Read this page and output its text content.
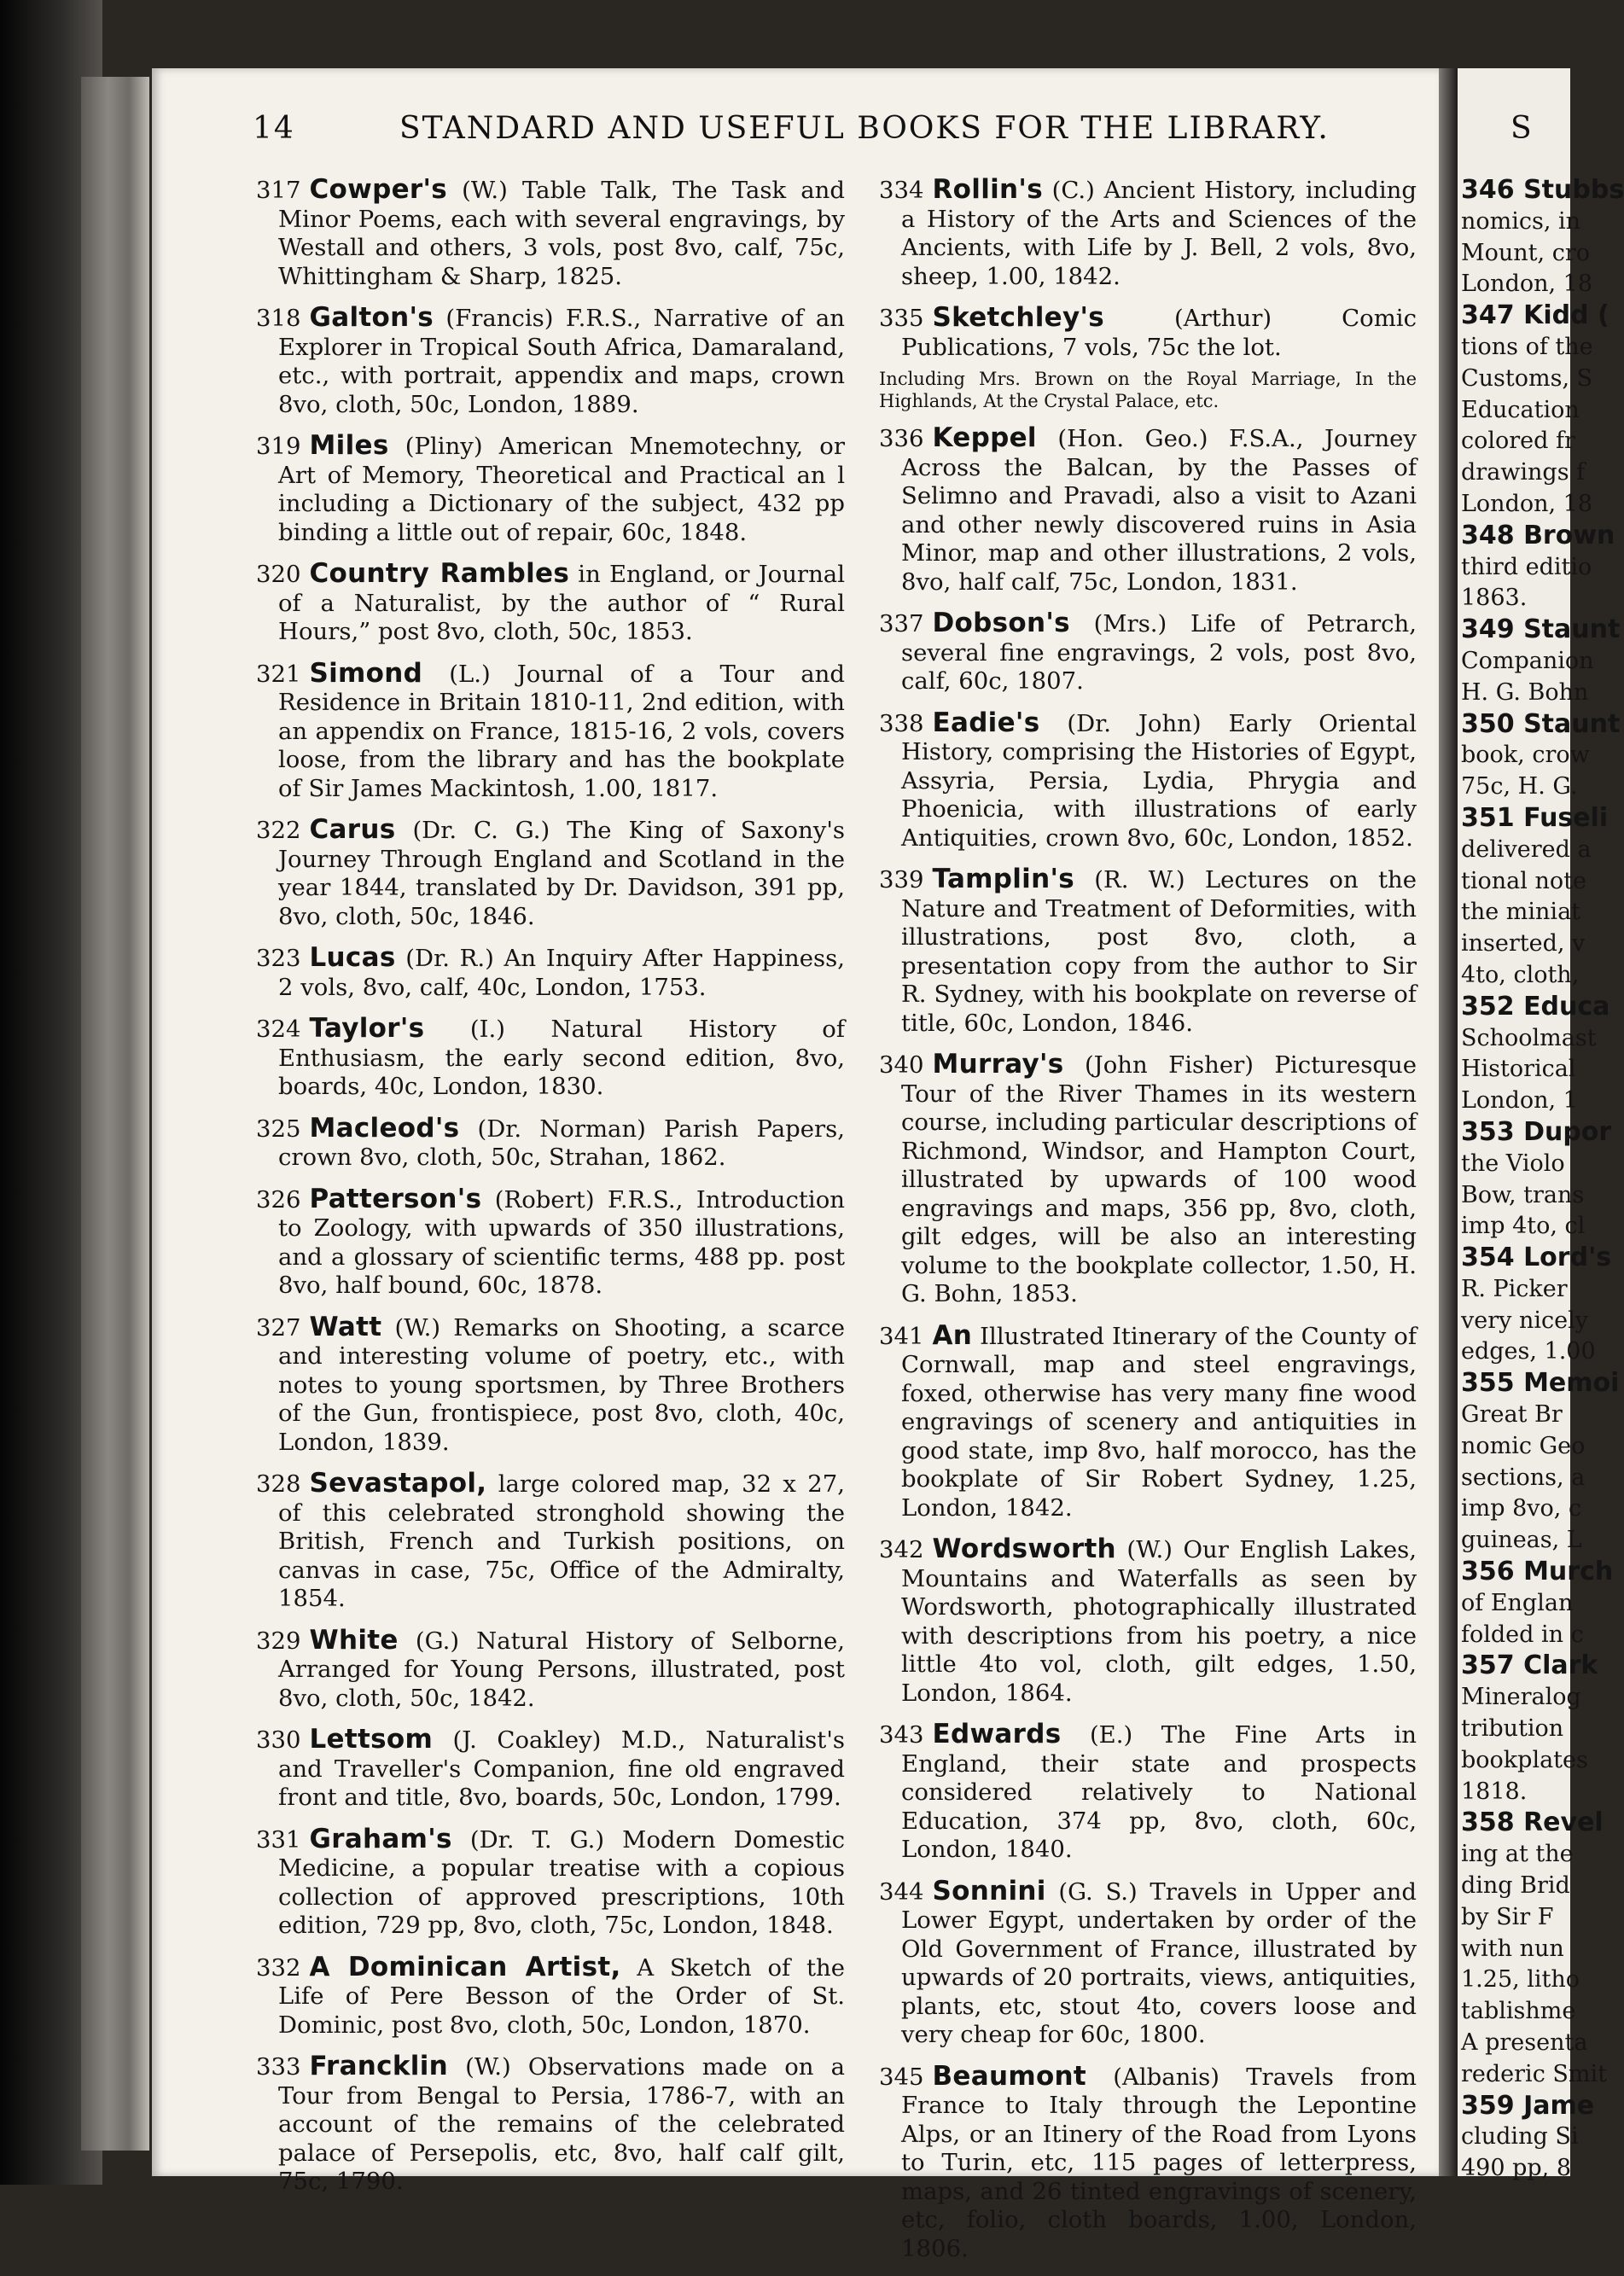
14	STANDARD AND USEFUL BOOKS FOR THE LIBRARY.
317 Cowper's (W.) Table Talk, The Task and Minor Poems, each with several engravings, by Westall and others, 3 vols, post 8vo, calf, 75c, Whittingham & Sharp, 1825.
318 Galton's (Francis) F.R.S., Narrative of an Explorer in Tropical South Africa, Damaraland, etc., with portrait, appendix and maps, crown 8vo, cloth, 50c, London, 1889.
319 Miles (Pliny) American Mnemotechny, or Art of Memory, Theoretical and Practical an l including a Dictionary of the subject, 432 pp binding a little out of repair, 60c, 1848.
320 Country Rambles in England, or Journal of a Naturalist, by the author of “ Rural Hours,” post 8vo, cloth, 50c, 1853.
321 Simond (L.) Journal of a Tour and Residence in Britain 1810-11, 2nd edition, with an appendix on France, 1815-16, 2 vols, covers loose, from the library and has the bookplate of Sir James Mackintosh, 1.00, 1817.
322 Carus (Dr. C. G.) The King of Saxony's Journey Through England and Scotland in the year 1844, translated by Dr. Davidson, 391 pp, 8vo, cloth, 50c, 1846.
323 Lucas (Dr. R.) An Inquiry After Happiness, 2 vols, 8vo, calf, 40c, London, 1753.
324 Taylor's (I.) Natural History of Enthusiasm, the early second edition, 8vo, boards, 40c, London, 1830.
325 Macleod's (Dr. Norman) Parish Papers, crown 8vo, cloth, 50c, Strahan, 1862.
326 Patterson's (Robert) F.R.S., Introduction to Zoology, with upwards of 350 illustrations, and a glossary of scientific terms, 488 pp. post 8vo, half bound, 60c, 1878.
327 Watt (W.) Remarks on Shooting, a scarce and interesting volume of poetry, etc., with notes to young sportsmen, by Three Brothers of the Gun, frontispiece, post 8vo, cloth, 40c, London, 1839.
328 Sevastapol, large colored map, 32 x 27, of this celebrated stronghold showing the British, French and Turkish positions, on canvas in case, 75c, Office of the Admiralty, 1854.
329 White (G.) Natural History of Selborne, Arranged for Young Persons, illustrated, post 8vo, cloth, 50c, 1842.
330 Lettsom (J. Coakley) M.D., Naturalist's and Traveller's Companion, fine old engraved front and title, 8vo, boards, 50c, London, 1799.
331 Graham's (Dr. T. G.) Modern Domestic Medicine, a popular treatise with a copious collection of approved prescriptions, 10th edition, 729 pp, 8vo, cloth, 75c, London, 1848.
332 A Dominican Artist, A Sketch of the Life of Pere Besson of the Order of St. Dominic, post 8vo, cloth, 50c, London, 1870.
333 Francklin (W.) Observations made on a Tour from Bengal to Persia, 1786-7, with an account of the remains of the celebrated palace of Persepolis, etc, 8vo, half calf gilt, 75c, 1790.
334 Rollin's (C.) Ancient History, including a History of the Arts and Sciences of the Ancients, with Life by J. Bell, 2 vols, 8vo, sheep, 1.00, 1842.
335 Sketchley's (Arthur) Comic Publications, 7 vols, 75c the lot.
Including Mrs. Brown on the Royal Marriage, In the Highlands, At the Crystal Palace, etc.
336 Keppel (Hon. Geo.) F.S.A., Journey Across the Balcan, by the Passes of Selimno and Pravadi, also a visit to Azani and other newly discovered ruins in Asia Minor, map and other illustrations, 2 vols, 8vo, half calf, 75c, London, 1831.
337 Dobson's (Mrs.) Life of Petrarch, several fine engravings, 2 vols, post 8vo, calf, 60c, 1807.
338 Eadie's (Dr. John) Early Oriental History, comprising the Histories of Egypt, Assyria, Persia, Lydia, Phrygia and Phoenicia, with illustrations of early Antiquities, crown 8vo, 60c, London, 1852.
339 Tamplin's (R. W.) Lectures on the Nature and Treatment of Deformities, with illustrations, post 8vo, cloth, a presentation copy from the author to Sir R. Sydney, with his bookplate on reverse of title, 60c, London, 1846.
340 Murray's (John Fisher) Picturesque Tour of the River Thames in its western course, including particular descriptions of Richmond, Windsor, and Hampton Court, illustrated by upwards of 100 wood engravings and maps, 356 pp, 8vo, cloth, gilt edges, will be also an interesting volume to the bookplate collector, 1.50, H. G. Bohn, 1853.
341 An Illustrated Itinerary of the County of Cornwall, map and steel engravings, foxed, otherwise has very many fine wood engravings of scenery and antiquities in good state, imp 8vo, half morocco, has the bookplate of Sir Robert Sydney, 1.25, London, 1842.
342 Wordsworth (W.) Our English Lakes, Mountains and Waterfalls as seen by Wordsworth, photographically illustrated with descriptions from his poetry, a nice little 4to vol, cloth, gilt edges, 1.50, London, 1864.
343 Edwards (E.) The Fine Arts in England, their state and prospects considered relatively to National Education, 374 pp, 8vo, cloth, 60c, London, 1840.
344 Sonnini (G. S.) Travels in Upper and Lower Egypt, undertaken by order of the Old Government of France, illustrated by upwards of 20 portraits, views, antiquities, plants, etc, stout 4to, covers loose and very cheap for 60c, 1800.
345 Beaumont (Albanis) Travels from France to Italy through the Lepontine Alps, or an Itinery of the Road from Lyons to Turin, etc, 115 pages of letterpress, maps, and 26 tinted engravings of scenery, etc, folio, cloth boards, 1.00, London, 1806.
S
346 Stubbs
nomics, in
Mount, cro
London, 18
347 Kidd (
tions of the
Customs, S
Education
colored fr
drawings f
London, 18
348 Brown
third editio
1863.
349 Staunt
Companion
H. G. Bohn
350 Staunt
book, crow
75c, H. G.
351 Fuseli
delivered a
tional note
the miniat
inserted, v
4to, cloth,
352 Educa
Schoolmast
Historical
London, 1
353 Dupor
the Violo
Bow, trans
imp 4to, cl
354 Lord's
R. Picker
very nicely
edges, 1.00
355 Memoi
Great Br
nomic Geo
sections, a
imp 8vo, c
guineas, L
356 Murch
of Englan
folded in c
357 Clark
Mineralog
tribution
bookplates
1818.
358 Revel
ing at the
ding Brid
by Sir F
with nun
1.25, litho
tablishme
A presenta
rederic Smit
359 Jame
cluding Si
490 pp, 8
